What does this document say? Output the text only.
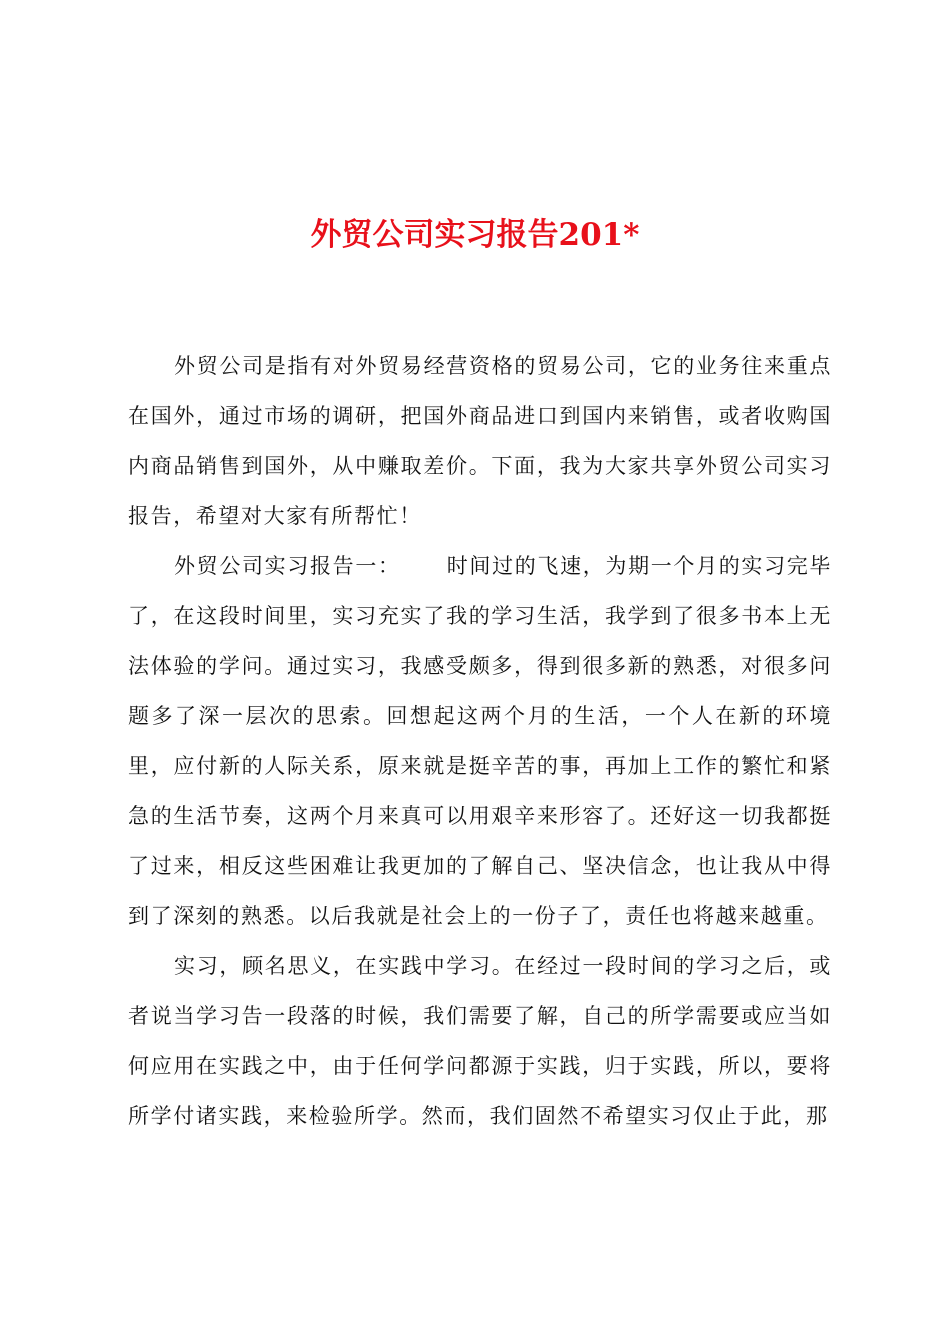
外贸公司实习报告201*

外贸公司是指有对外贸易经营资格的贸易公司，它的业务往来重点在国外，通过市场的调研，把国外商品进口到国内来销售，或者收购国内商品销售到国外，从中赚取差价。下面，我为大家共享外贸公司实习报告，希望对大家有所帮忙！

外贸公司实习报告一： 时间过的飞速，为期一个月的实习完毕了，在这段时间里，实习充实了我的学习生活，我学到了很多书本上无法体验的学问。通过实习，我感受颇多，得到很多新的熟悉，对很多问题多了深一层次的思索。回想起这两个月的生活，一个人在新的环境里，应付新的人际关系，原来就是挺辛苦的事，再加上工作的繁忙和紧急的生活节奏，这两个月来真可以用艰辛来形容了。还好这一切我都挺了过来，相反这些困难让我更加的了解自己、坚决信念，也让我从中得到了深刻的熟悉。以后我就是社会上的一份子了，责任也将越来越重。

实习，顾名思义，在实践中学习。在经过一段时间的学习之后，或者说当学习告一段落的时候，我们需要了解，自己的所学需要或应当如何应用在实践之中，由于任何学问都源于实践，归于实践，所以，要将所学付诸实践，来检验所学。然而，我们固然不希望实习仅止于此，那
